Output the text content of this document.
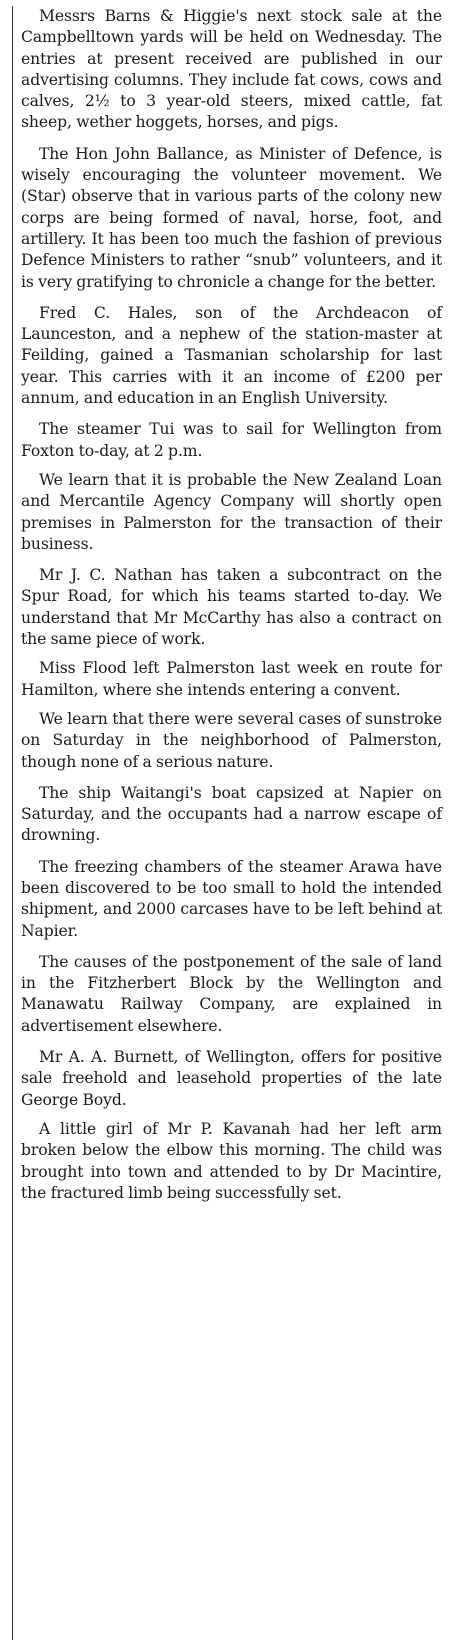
Messrs Barns & Higgie's next stock sale at the Campbelltown yards will be held on Wednesday. The entries at present received are published in our advertising columns. They include fat cows, cows and calves, 2½ to 3 year-old steers, mixed cattle, fat sheep, wether hoggets, horses, and pigs.

The Hon John Ballance, as Minister of Defence, is wisely encouraging the volunteer movement. We (Star) observe that in various parts of the colony new corps are being formed of naval, horse, foot, and artillery. It has been too much the fashion of previous Defence Ministers to rather “snub” volunteers, and it is very gratifying to chronicle a change for the better.

Fred C. Hales, son of the Archdeacon of Launceston, and a nephew of the station-master at Feilding, gained a Tasmanian scholarship for last year. This carries with it an income of £200 per annum, and education in an English University.

The steamer Tui was to sail for Wellington from Foxton to-day, at 2 p.m.

We learn that it is probable the New Zealand Loan and Mercantile Agency Company will shortly open premises in Palmerston for the transaction of their business.

Mr J. C. Nathan has taken a subcontract on the Spur Road, for which his teams started to-day. We understand that Mr McCarthy has also a contract on the same piece of work.

Miss Flood left Palmerston last week en route for Hamilton, where she intends entering a convent.

We learn that there were several cases of sunstroke on Saturday in the neighborhood of Palmerston, though none of a serious nature.

The ship Waitangi's boat capsized at Napier on Saturday, and the occupants had a narrow escape of drowning.

The freezing chambers of the steamer Arawa have been discovered to be too small to hold the intended shipment, and 2000 carcases have to be left behind at Napier.

The causes of the postponement of the sale of land in the Fitzherbert Block by the Wellington and Manawatu Railway Company, are explained in advertisement elsewhere.

Mr A. A. Burnett, of Wellington, offers for positive sale freehold and leasehold properties of the late George Boyd.

A little girl of Mr P. Kavanah had her left arm broken below the elbow this morning. The child was brought into town and attended to by Dr Macintire, the fractured limb being successfully set.
